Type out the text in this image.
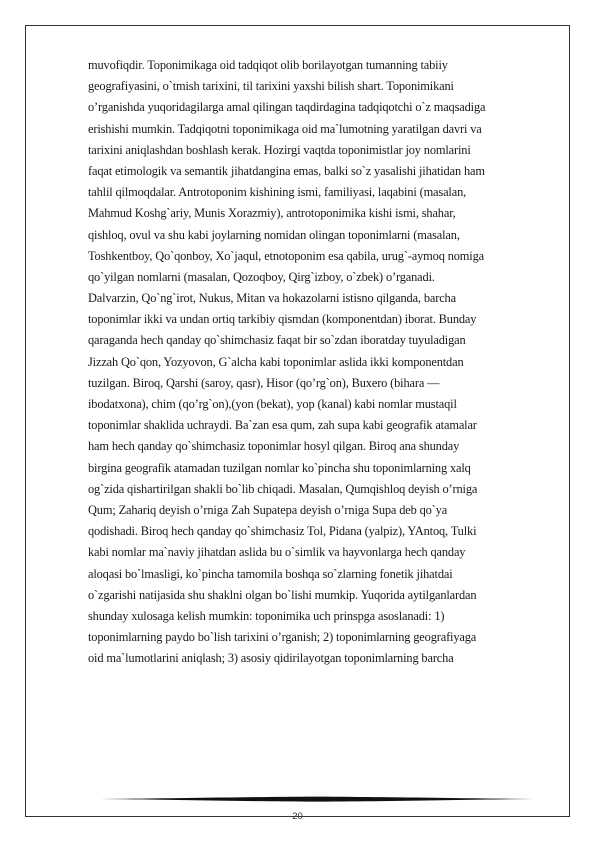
muvofiqdir. Toponimikaga oid tadqiqot olib borilayotgan tumanning tabiiy
geografiyasini, o`tmish tarixini, til tarixini yaxshi bilish shart. Toponimikani
o’rganishda yuqoridagilarga amal qilingan taqdirdagina tadqiqotchi o`z maqsadiga
erishishi mumkin. Tadqiqotni toponimikaga oid ma`lumotning yaratilgan davri va
tarixini aniqlashdan boshlash kerak. Hozirgi vaqtda toponimistlar joy nomlarini
faqat etimologik va semantik jihatdangina emas, balki so`z yasalishi jihatidan ham
tahlil qilmoqdalar. Antrotoponim kishining ismi, familiyasi, laqabini (masalan,
Mahmud Koshg`ariy, Munis Xorazmiy), antrotoponimika kishi ismi, shahar,
qishloq, ovul va shu kabi joylarning nomidan olingan toponimlarni (masalan,
Toshkentboy, Qo`qonboy, Xo`jaqul, etnotoponim esa qabila, urug`-aymoq nomiga
qo`yilgan nomlarni (masalan, Qozoqboy, Qirg`izboy, o`zbek) o’rganadi.
Dalvarzin, Qo`ng`irot, Nukus, Mitan va hokazolarni istisno qilganda, barcha
toponimlar ikki va undan ortiq tarkibiy qismdan (komponentdan) iborat. Bunday
qaraganda hech qanday qo`shimchasiz faqat bir so`zdan iboratday tuyuladigan
Jizzah Qo`qon, Yozyovon, G`alcha kabi toponimlar aslida ikki komponentdan
tuzilgan. Biroq, Qarshi (saroy, qasr), Hisor (qo’rg`on), Buxero (bihara —
ibodatxona), chim (qo’rg`on),(yon (bekat), yop (kanal) kabi nomlar mustaqil
toponimlar shaklida uchraydi. Ba`zan esa qum, zah supa kabi geografik atamalar
ham hech qanday qo`shimchasiz toponimlar hosyl qilgan. Biroq ana shunday
birgina geografik atamadan tuzilgan nomlar ko`pincha shu toponimlarning xalq
og`zida qishartirilgan shakli bo`lib chiqadi. Masalan, Qumqishloq deyish o’rniga
Qum; Zahariq deyish o’rniga Zah Supatepa deyish o’rniga Supa deb qo`ya
qodishadi. Biroq hech qanday qo`shimchasiz Tol, Pidana (yalpiz), YAntoq, Tulki
kabi nomlar ma`naviy jihatdan aslida bu o`simlik va hayvonlarga hech qanday
aloqasi bo`lmasligi, ko`pincha tamomila boshqa so`zlarning fonetik jihatdai
o`zgarishi natijasida shu shaklni olgan bo`lishi mumkip. Yuqorida aytilganlardan
shunday xulosaga kelish mumkin: toponimika uch prinspga asoslanadi: 1)
toponimlarning paydo bo`lish tarixini o’rganish; 2) toponimlarning geografiyaga
oid ma`lumotlarini aniqlash; 3) asosiy qidirilayotgan toponimlarning barcha
20
